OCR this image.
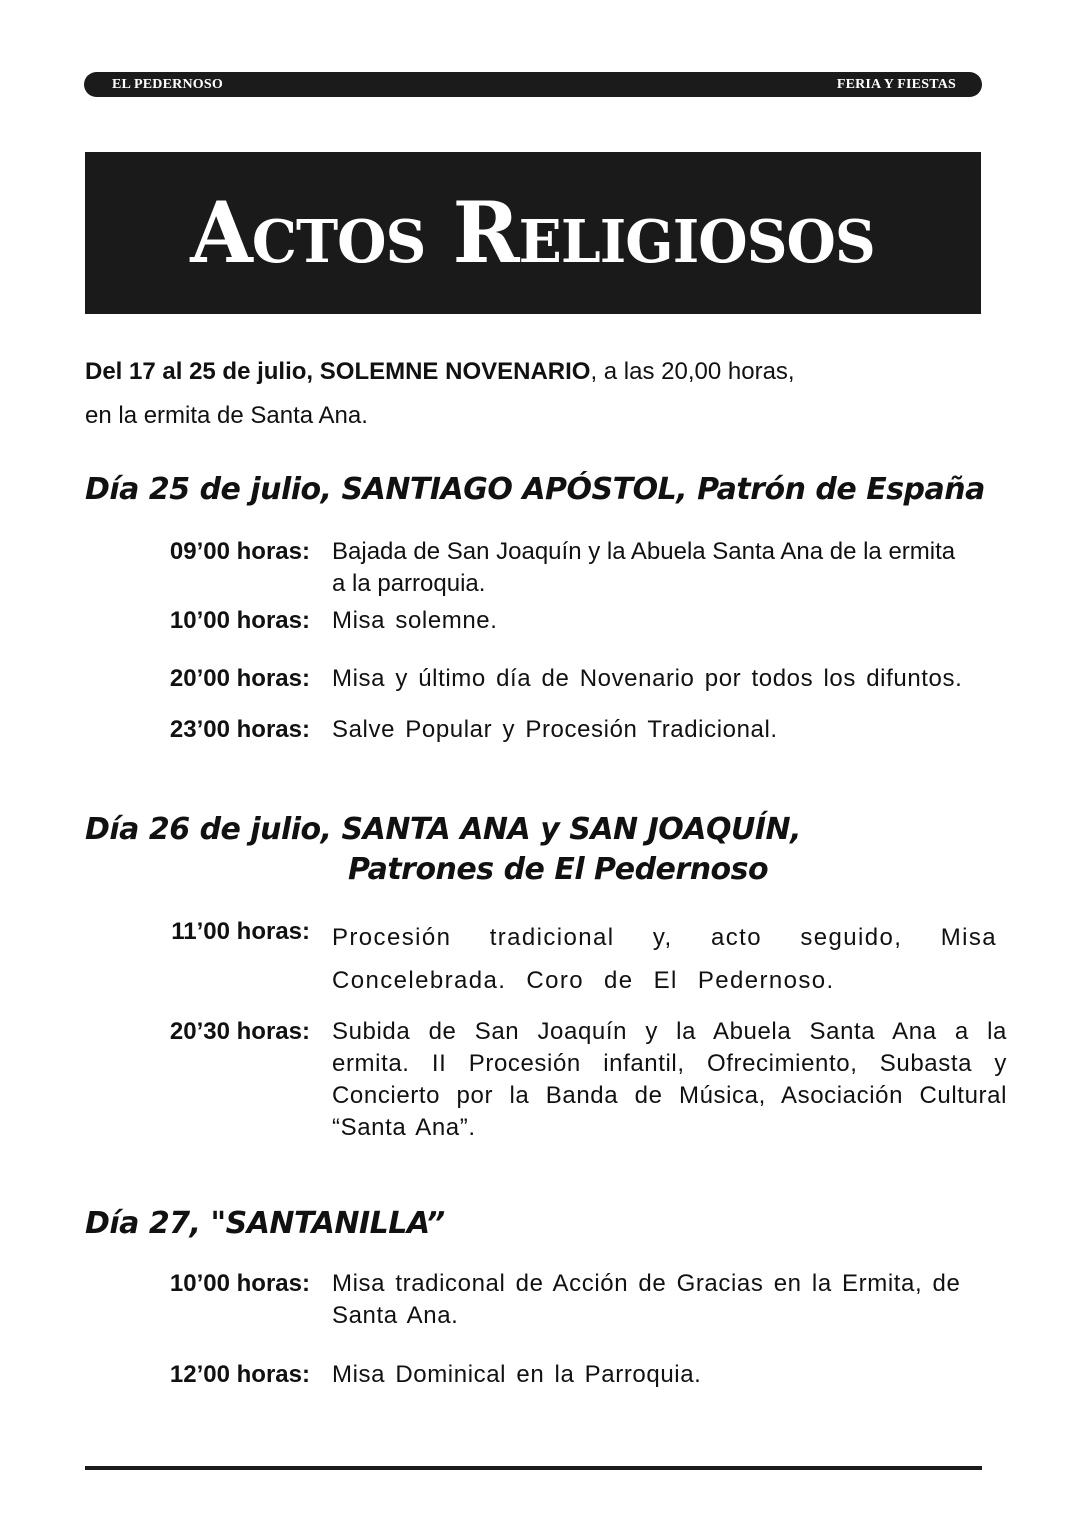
EL PEDERNOSO	FERIA Y FIESTAS
Actos Religiosos
Del 17 al 25 de julio, SOLEMNE NOVENARIO, a las 20,00 horas,
en la ermita de Santa Ana.
Día 25 de julio, SANTIAGO APÓSTOL, Patrón de España
09’00 horas: Bajada de San Joaquín y la Abuela Santa Ana de la ermita a la parroquia.
10’00 horas: Misa solemne.
20’00 horas: Misa y último día de Novenario por todos los difuntos.
23’00 horas: Salve Popular y Procesión Tradicional.
Día 26 de julio, SANTA ANA y SAN JOAQUÍN,
Patrones de El Pedernoso
11’00 horas: Procesión tradicional y, acto seguido, Misa Concelebrada. Coro de El Pedernoso.
20’30 horas: Subida de San Joaquín y la Abuela Santa Ana a la ermita. II Procesión infantil, Ofrecimiento, Subasta y Concierto por la Banda de Música, Asociación Cultural “Santa Ana”.
Día 27, "SANTANILLA”
10’00 horas: Misa tradiconal de Acción de Gracias en la Ermita, de Santa Ana.
12’00 horas: Misa Dominical en la Parroquia.
